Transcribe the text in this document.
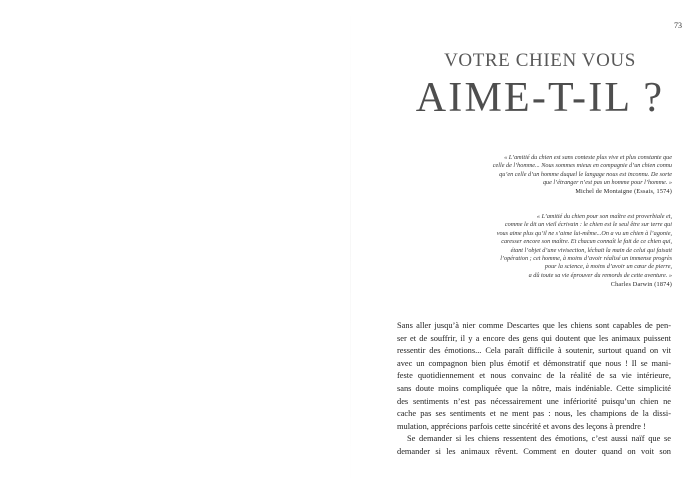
73
VOTRE CHIEN VOUS
AIME-T-IL ?
« L’amitié du chien est sans conteste plus vive et plus constante que
celle de l’homme... Nous sommes mieux en compagnie d’un chien connu
qu’en celle d’un homme duquel le langage nous est inconnu. De sorte
que l’étranger n’est pas un homme pour l’homme. »
Michel de Montaigne (Essais, 1574)
« L’amitié du chien pour son maître est proverbiale et,
comme le dit un vieil écrivain : le chien est le seul être sur terre qui
vous aime plus qu’il ne s’aime lui-même...On a vu un chien à l’agonie,
caresser encore son maître. Et chacun connaît le fait de ce chien qui,
étant l’objet d’une vivisection, léchait la main de celui qui faisait
l’opération ; cet homme, à moins d’avoir réalisé un immense progrès
pour la science, à moins d’avoir un cœur de pierre,
a dû toute sa vie éprouver du remords de cette aventure. »
Charles Darwin (1874)
Sans aller jusqu’à nier comme Descartes que les chiens sont capables de pen-
ser et de souffrir, il y a encore des gens qui doutent que les animaux puissent
ressentir des émotions... Cela paraît difficile à soutenir, surtout quand on vit
avec un compagnon bien plus émotif et démonstratif que nous ! Il se mani-
feste quotidiennement et nous convainc de la réalité de sa vie intérieure,
sans doute moins compliquée que la nôtre, mais indéniable. Cette simplicité
des sentiments n’est pas nécessairement une infériorité puisqu’un chien ne
cache pas ses sentiments et ne ment pas : nous, les champions de la dissi-
mulation, apprécions parfois cette sincérité et avons des leçons à prendre !
Se demander si les chiens ressentent des émotions, c’est aussi naïf que se
demander si les animaux rêvent. Comment en douter quand on voit son
